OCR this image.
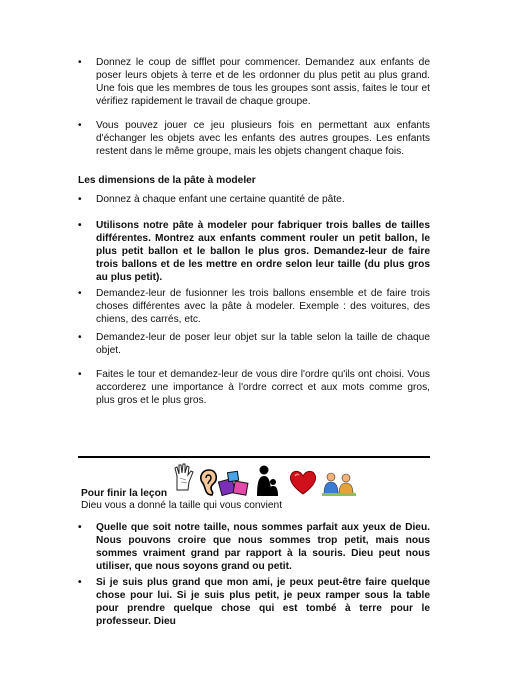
•	Donnez le coup de sifflet pour commencer. Demandez aux enfants de poser leurs objets à terre et de les ordonner du plus petit au plus grand. Une fois que les membres de tous les groupes sont assis, faites le tour et vérifiez rapidement le travail de chaque groupe.
•	Vous pouvez jouer ce jeu plusieurs fois en permettant aux enfants d'échanger les objets avec les enfants des autres groupes. Les enfants restent dans le même groupe, mais les objets changent chaque fois.
Les dimensions de la pâte à modeler
•	Donnez à chaque enfant une certaine quantité de pâte.
•	Utilisons notre pâte à modeler pour fabriquer trois balles de tailles différentes. Montrez aux enfants comment rouler un petit ballon, le plus petit ballon et le ballon le plus gros. Demandez-leur de faire trois ballons et de les mettre en ordre selon leur taille (du plus gros au plus petit).
•	Demandez-leur de fusionner les trois ballons ensemble et de faire trois choses différentes avec la pâte à modeler. Exemple : des voitures, des chiens, des carrés, etc.
•	Demandez-leur de poser leur objet sur la table selon la taille de chaque objet.
•	Faites le tour et demandez-leur de vous dire l'ordre qu'ils ont choisi. Vous accorderez une importance à l'ordre correct et aux mots comme gros, plus gros et le plus gros.
Pour finir la leçon
Dieu vous a donné la taille qui vous convient
•	Quelle que soit notre taille, nous sommes parfait aux yeux de Dieu. Nous pouvons croire que nous sommes trop petit, mais nous sommes vraiment grand par rapport à la souris. Dieu peut nous utiliser, que nous soyons grand ou petit.
•	Si je suis plus grand que mon ami, je peux peut-être faire quelque chose pour lui. Si je suis plus petit, je peux ramper sous la table pour prendre quelque chose qui est tombé à terre pour le professeur. Dieu
